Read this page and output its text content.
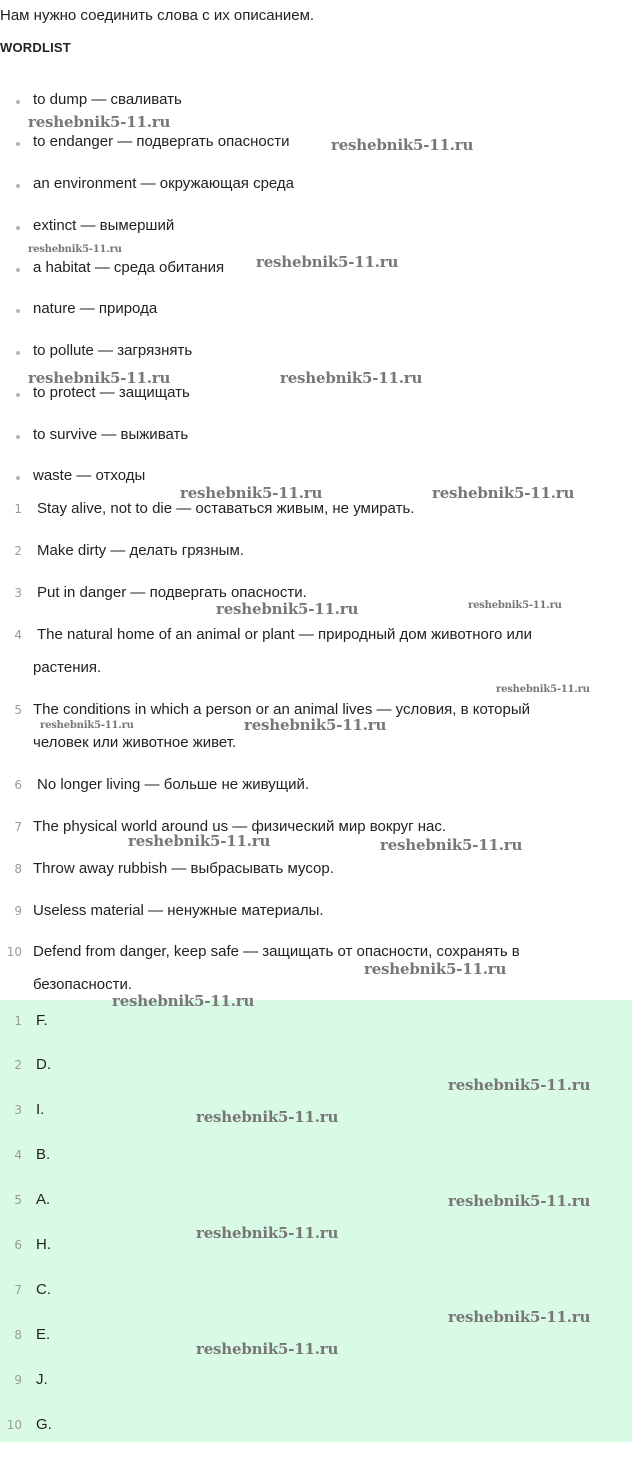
Нам нужно соединить слова с их описанием.
WORDLIST
to dump — сваливать
to endanger — подвергать опасности
an environment — окружающая среда
extinct — вымерший
a habitat — среда обитания
nature — природа
to pollute — загрязнять
to protect — защищать
to survive — выживать
waste — отходы
1 Stay alive, not to die — оставаться живым, не умирать.
2 Make dirty — делать грязным.
3 Put in danger — подвергать опасности.
4 The natural home of an animal or plant — природный дом животного или
растения.
5 The conditions in which a person or an animal lives — условия, в который
человек или животное живет.
6 No longer living — больше не живущий.
7 The physical world around us — физический мир вокруг нас.
8 Throw away rubbish — выбрасывать мусор.
9 Useless material — ненужные материалы.
10 Defend from danger, keep safe — защищать от опасности, сохранять в
безопасности.
1 F.
2 D.
3 I.
4 B.
5 A.
6 H.
7 C.
8 E.
9 J.
10 G.
reshebnik5-11.ru
reshebnik5-11.ru
reshebnik5-11.ru
reshebnik5-11.ru
reshebnik5-11.ru	reshebnik5-11.ru
reshebnik5-11.ru	reshebnik5-11.ru
reshebnik5-11.ru	reshebnik5-11.ru
reshebnik5-11.ru
reshebnik5-11.ru	reshebnik5-11.ru
reshebnik5-11.ru	reshebnik5-11.ru
reshebnik5-11.ru
reshebnik5-11.ru
reshebnik5-11.ru
reshebnik5-11.ru
reshebnik5-11.ru
reshebnik5-11.ru
reshebnik5-11.ru
reshebnik5-11.ru
